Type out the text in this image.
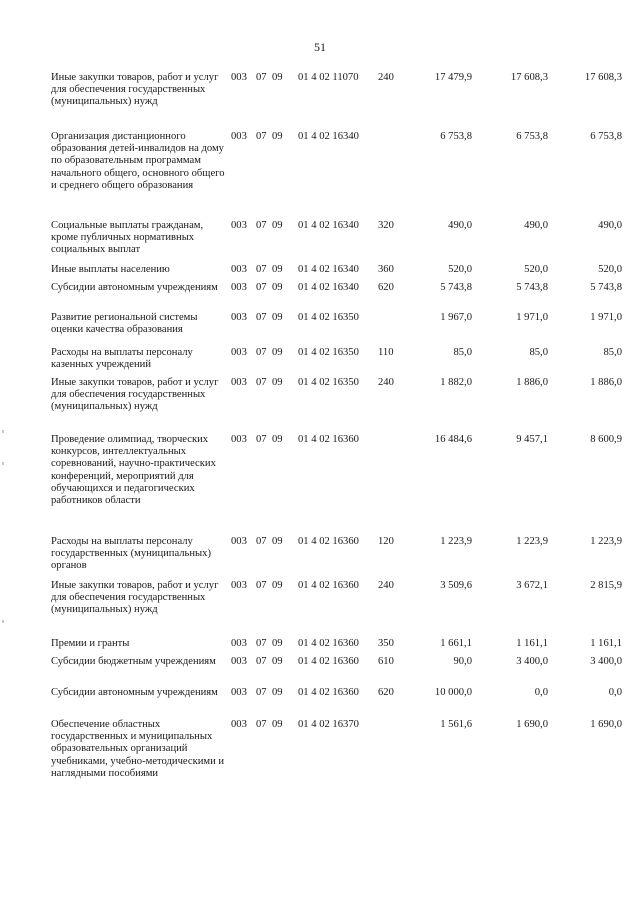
51
Иные закупки товаров, работ и услуг для обеспечения государственных (муниципальных) нужд
003 07 09 01 4 02 11070 240	17 479,9	17 608,3	17 608,3
Организация дистанционного образования детей-инвалидов на дому по образовательным программам начального общего, основного общего и среднего общего образования
003 07 09 01 4 02 16340	6 753,8	6 753,8	6 753,8
Социальные выплаты гражданам, кроме публичных нормативных социальных выплат
003 07 09 01 4 02 16340 320	490,0	490,0	490,0
Иные выплаты населению	003 07 09 01 4 02 16340 360	520,0	520,0	520,0
Субсидии автономным учреждениям	003 07 09 01 4 02 16340 620	5 743,8	5 743,8	5 743,8
Развитие региональной системы оценки качества образования
003 07 09 01 4 02 16350	1 967,0	1 971,0	1 971,0
Расходы на выплаты персоналу казенных учреждений
003 07 09 01 4 02 16350 110	85,0	85,0	85,0
Иные закупки товаров, работ и услуг для обеспечения государственных (муниципальных) нужд
003 07 09 01 4 02 16350 240	1 882,0	1 886,0	1 886,0
Проведение олимпиад, творческих конкурсов, интеллектуальных соревнований, научно-практических конференций, мероприятий для обучающихся и педагогических работников области
003 07 09 01 4 02 16360	16 484,6	9 457,1	8 600,9
Расходы на выплаты персоналу государственных (муниципальных) органов
003 07 09 01 4 02 16360 120	1 223,9	1 223,9	1 223,9
Иные закупки товаров, работ и услуг для обеспечения государственных (муниципальных) нужд
003 07 09 01 4 02 16360 240	3 509,6	3 672,1	2 815,9
Премии и гранты	003 07 09 01 4 02 16360 350	1 661,1	1 161,1	1 161,1
Субсидии бюджетным учреждениям	003 07 09 01 4 02 16360 610	90,0	3 400,0	3 400,0
Субсидии автономным учреждениям	003 07 09 01 4 02 16360 620	10 000,0	0,0	0,0
Обеспечение областных государственных и муниципальных образовательных организаций учебниками, учебно-методическими и наглядными пособиями
003 07 09 01 4 02 16370	1 561,6	1 690,0	1 690,0
